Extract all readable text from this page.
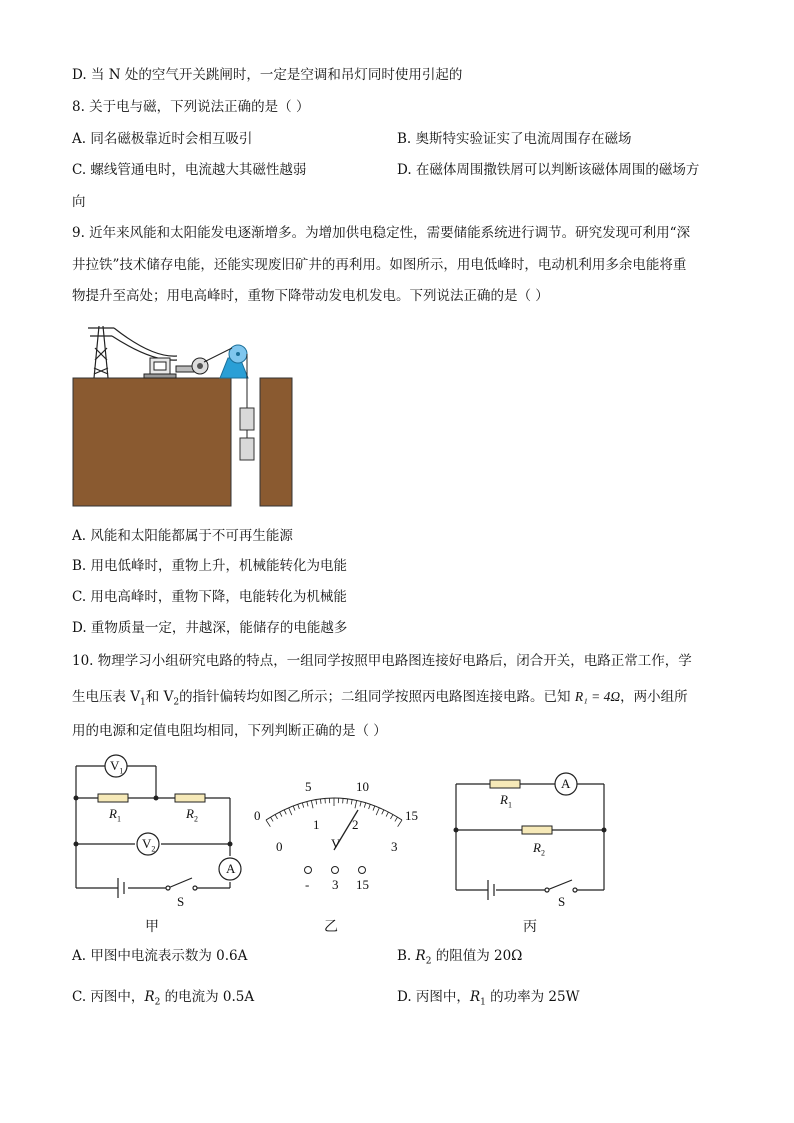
D. 当 N 处的空气开关跳闸时，一定是空调和吊灯同时使用引起的
8. 关于电与磁，下列说法正确的是（ ）
A. 同名磁极靠近时会相互吸引	B. 奥斯特实验证实了电流周围存在磁场
C. 螺线管通电时，电流越大其磁性越弱	D. 在磁体周围撒铁屑可以判断该磁体周围的磁场方
向
9. 近年来风能和太阳能发电逐渐增多。为增加供电稳定性，需要储能系统进行调节。研究发现可利用“深
井拉铁”技术储存电能，还能实现废旧矿井的再利用。如图所示，用电低峰时，电动机利用多余电能将重
物提升至高处；用电高峰时，重物下降带动发电机发电。下列说法正确的是（ ）
A. 风能和太阳能都属于不可再生能源
B. 用电低峰时，重物上升，机械能转化为电能
C. 用电高峰时，重物下降，电能转化为机械能
D. 重物质量一定，井越深，能储存的电能越多
10. 物理学习小组研究电路的特点，一组同学按照甲电路图连接好电路后，闭合开关，电路正常工作，学
生电压表 $V_1$和 $V_2$的指针偏转均如图乙所示；二组同学按照丙电路图连接电路。已知 R₁ = 4Ω，两小组所
用的电源和定值电阻均相同，下列判断正确的是（ ）
$V_1$
$R_1$	$R_2$
$V_2$
A
S
甲
0
5	10
15
0
1	2
3
V
- 3 15
乙
$R_1$
$R_2$
A
S
丙
A. 甲图中电流表示数为 0.6A	B. $R_2$ 的阻值为 20Ω
C. 丙图中，$R_2$ 的电流为 0.5A	D. 丙图中，$R_1$ 的功率为 25W
